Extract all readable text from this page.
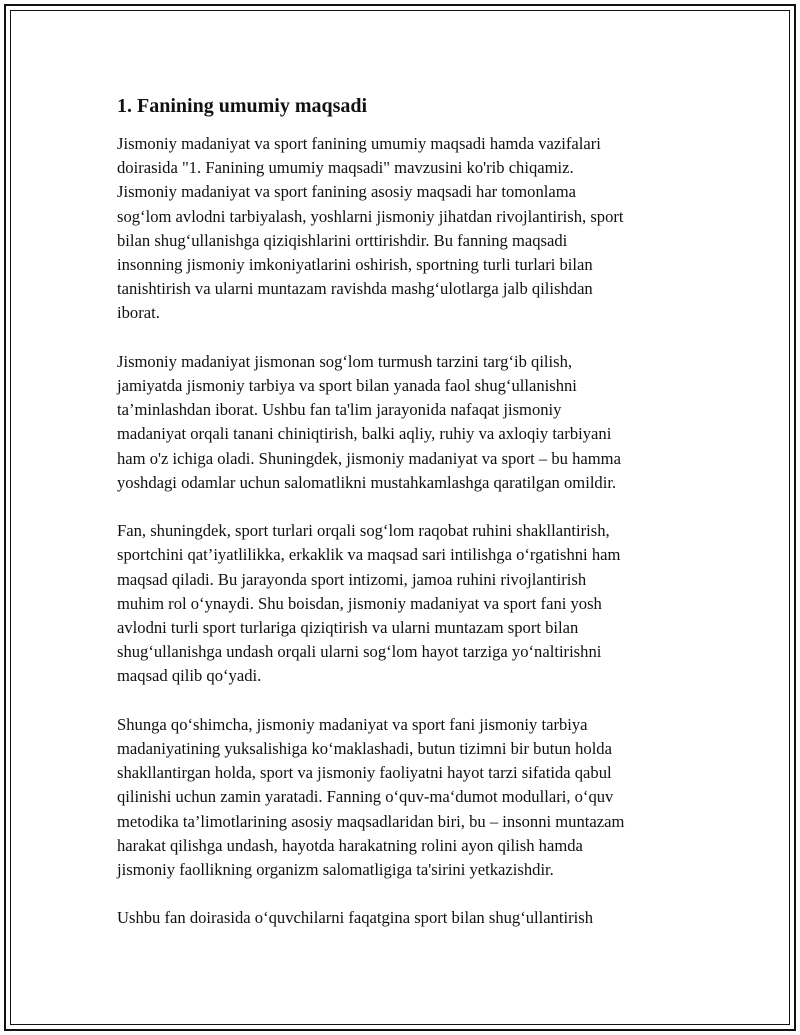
1. Fanining umumiy maqsadi

Jismoniy madaniyat va sport fanining umumiy maqsadi hamda vazifalari
doirasida "1. Fanining umumiy maqsadi" mavzusini ko'rib chiqamiz.
Jismoniy madaniyat va sport fanining asosiy maqsadi har tomonlama
sog‘lom avlodni tarbiyalash, yoshlarni jismoniy jihatdan rivojlantirish, sport
bilan shug‘ullanishga qiziqishlarini orttirishdir. Bu fanning maqsadi
insonning jismoniy imkoniyatlarini oshirish, sportning turli turlari bilan
tanishtirish va ularni muntazam ravishda mashg‘ulotlarga jalb qilishdan
iborat.

Jismoniy madaniyat jismonan sog‘lom turmush tarzini targ‘ib qilish,
jamiyatda jismoniy tarbiya va sport bilan yanada faol shug‘ullanishni
ta’minlashdan iborat. Ushbu fan ta'lim jarayonida nafaqat jismoniy
madaniyat orqali tanani chiniqtirish, balki aqliy, ruhiy va axloqiy tarbiyani
ham o'z ichiga oladi. Shuningdek, jismoniy madaniyat va sport – bu hamma
yoshdagi odamlar uchun salomatlikni mustahkamlashga qaratilgan omildir.

Fan, shuningdek, sport turlari orqali sog‘lom raqobat ruhini shakllantirish,
sportchini qat’iyatlilikka, erkaklik va maqsad sari intilishga o‘rgatishni ham
maqsad qiladi. Bu jarayonda sport intizomi, jamoa ruhini rivojlantirish
muhim rol o‘ynaydi. Shu boisdan, jismoniy madaniyat va sport fani yosh
avlodni turli sport turlariga qiziqtirish va ularni muntazam sport bilan
shug‘ullanishga undash orqali ularni sog‘lom hayot tarziga yo‘naltirishni
maqsad qilib qo‘yadi.

Shunga qo‘shimcha, jismoniy madaniyat va sport fani jismoniy tarbiya
madaniyatining yuksalishiga ko‘maklashadi, butun tizimni bir butun holda
shakllantirgan holda, sport va jismoniy faoliyatni hayot tarzi sifatida qabul
qilinishi uchun zamin yaratadi. Fanning o‘quv-ma‘dumot modullari, o‘quv
metodika ta’limotlarining asosiy maqsadlaridan biri, bu – insonni muntazam
harakat qilishga undash, hayotda harakatning rolini ayon qilish hamda
jismoniy faollikning organizm salomatligiga ta'sirini yetkazishdir.

Ushbu fan doirasida o‘quvchilarni faqatgina sport bilan shug‘ullantirish
